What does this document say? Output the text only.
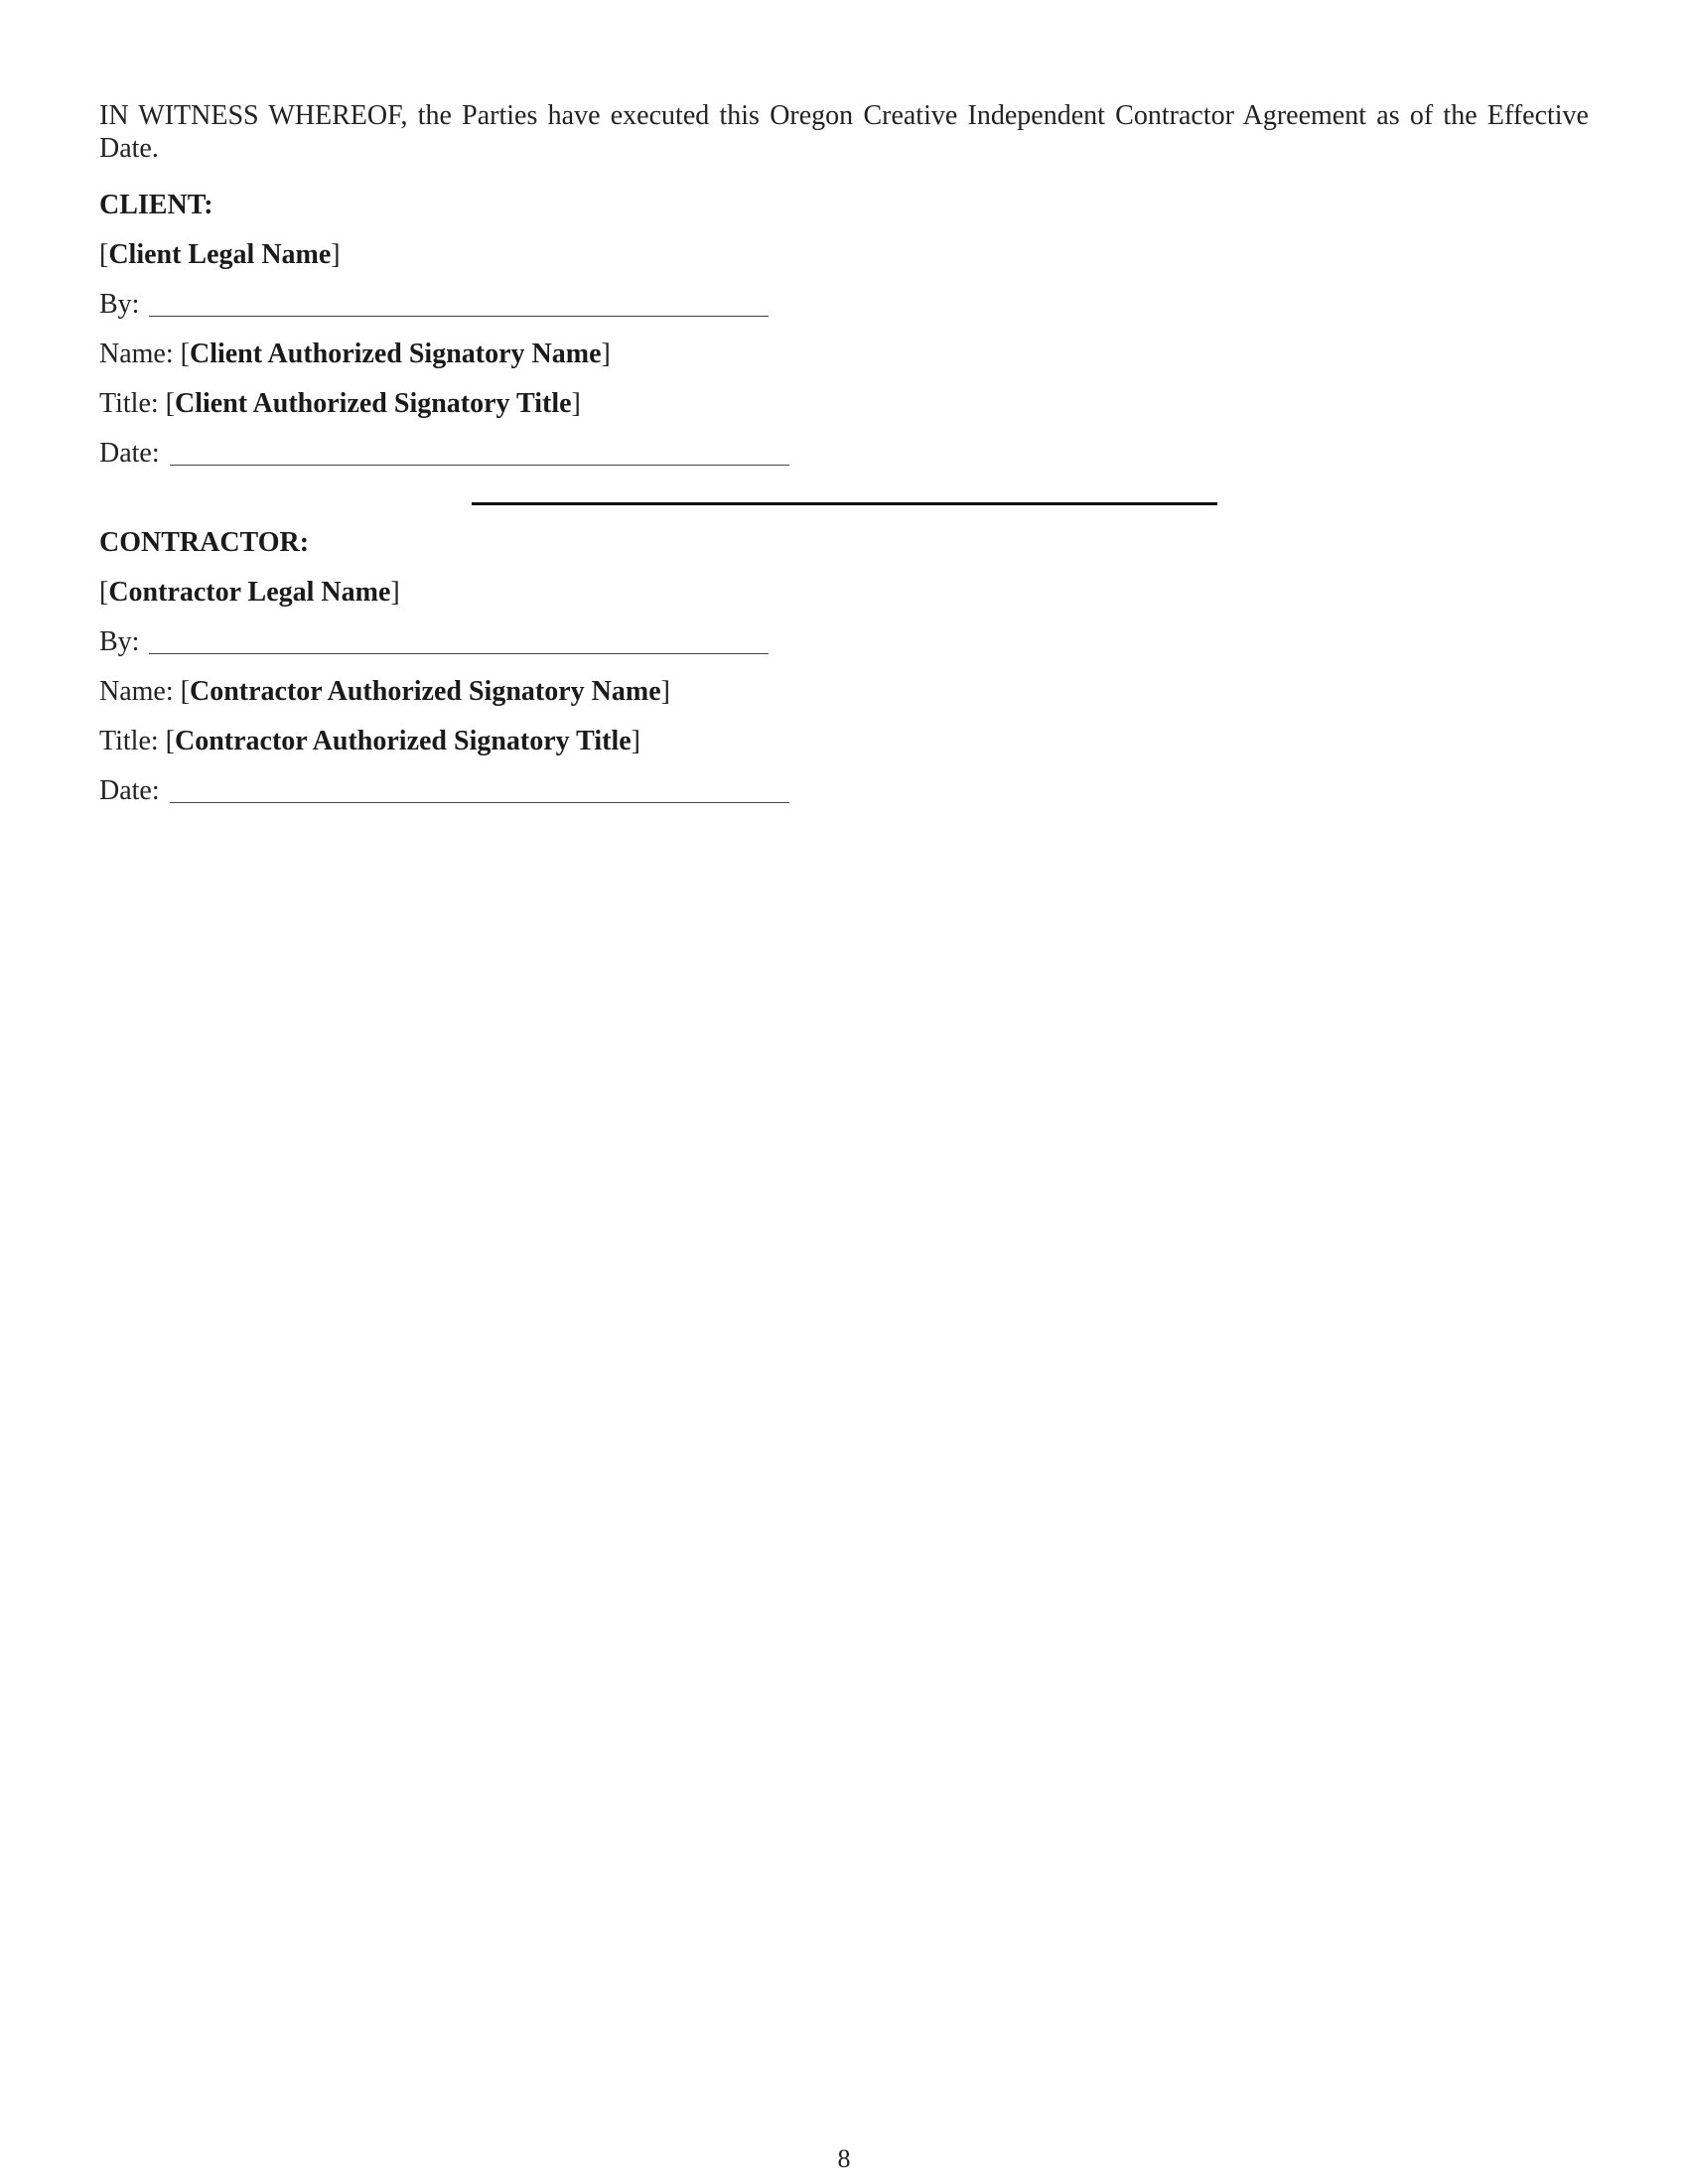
IN WITNESS WHEREOF, the Parties have executed this Oregon Creative Independent Contractor Agreement as of the Effective Date.

CLIENT:
[Client Legal Name]
By:
Name: [Client Authorized Signatory Name]
Title: [Client Authorized Signatory Title]
Date:
CONTRACTOR:
[Contractor Legal Name]
By:
Name: [Contractor Authorized Signatory Name]
Title: [Contractor Authorized Signatory Title]
Date:
8
